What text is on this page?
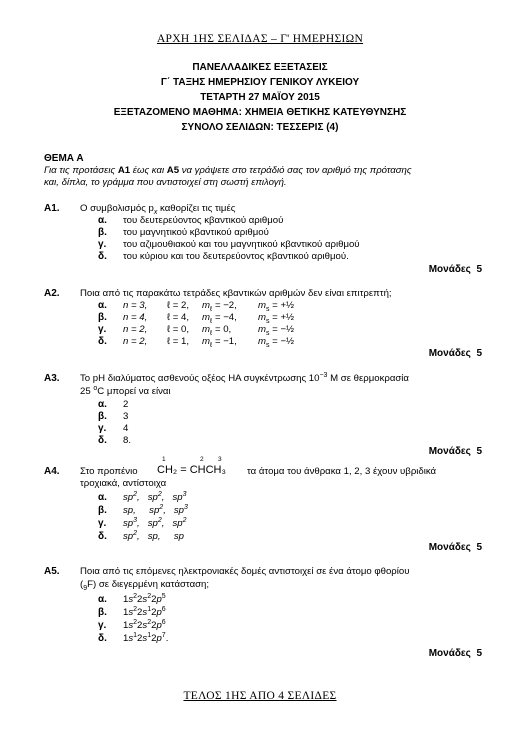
ΑΡΧΗ 1ΗΣ ΣΕΛΙΔΑΣ – Γ' ΗΜΕΡΗΣΙΩΝ
ΠΑΝΕΛΛΑΔΙΚΕΣ ΕΞΕΤΑΣΕΙΣ
Γ΄ ΤΑΞΗΣ ΗΜΕΡΗΣΙΟΥ ΓΕΝΙΚΟΥ ΛΥΚΕΙΟΥ
ΤΕΤΑΡΤΗ 27 ΜΑΪΟΥ 2015
ΕΞΕΤΑΖΟΜΕΝΟ ΜΑΘΗΜΑ: ΧΗΜΕΙΑ ΘΕΤΙΚΗΣ ΚΑΤΕΥΘΥΝΣΗΣ
ΣΥΝΟΛΟ ΣΕΛΙΔΩΝ: ΤΕΣΣΕΡΙΣ (4)
ΘΕΜΑ Α
Για τις προτάσεις Α1 έως και Α5 να γράψετε στο τετράδιό σας τον αριθμό της πρότασης
και, δίπλα, το γράμμα που αντιστοιχεί στη σωστή επιλογή.
Α1. Ο συμβολισμός $p_x$ καθορίζει τις τιμές
α. του δευτερεύοντος κβαντικού αριθμού
β. του μαγνητικού κβαντικού αριθμού
γ. του αζιμουθιακού και του μαγνητικού κβαντικού αριθμού
δ. του κύριου και του δευτερεύοντος κβαντικού αριθμού.
Μονάδες 5
Α2. Ποια από τις παρακάτω τετράδες κβαντικών αριθμών δεν είναι επιτρεπτή;
α. n = 3, ℓ = 2, $m_\ell = -2$, $m_s$ = +½
β. n = 4, ℓ = 4, $m_\ell = -4$, $m_s$ = +½
γ. n = 2, ℓ = 0, $m_\ell = 0$,	$m_s$ = −½
δ. n = 2, ℓ = 1, $m_\ell = -1$, $m_s$ = −½
Μονάδες 5
Α3. Το pH διαλύματος ασθενούς οξέος ΗΑ συγκέντρωσης $10^{-3}$ Μ σε θερμοκρασία
25 $^o$C μπορεί να είναι
α. 2
β. 3
γ. 4
δ. 8.
Μονάδες 5
Α4. Στο προπένιο
1	2 3
CH₂ = CHCH₃ τα άτομα του άνθρακα 1, 2, 3 έχουν υβριδικά
τροχιακά, αντίστοιχα
α. $sp^2$,   $sp^2$,   $sp^3$
β. sp,     $sp^2$,   $sp^3$
γ. $sp^3$,   $sp^2$,   $sp^2$
δ. $sp^2$,   sp,     sp
Μονάδες 5
Α5. Ποια από τις επόμενες ηλεκτρονιακές δομές αντιστοιχεί σε ένα άτομο φθορίου
$(_9F)$ σε διεγερμένη κατάσταση;
α. $1s^22s^22p^5$
β. $1s^22s^12p^6$
γ. $1s^22s^22p^6$
δ. $1s^12s^12p^7$.
Μονάδες 5
ΤΕΛΟΣ 1ΗΣ ΑΠΟ 4 ΣΕΛΙΔΕΣ
